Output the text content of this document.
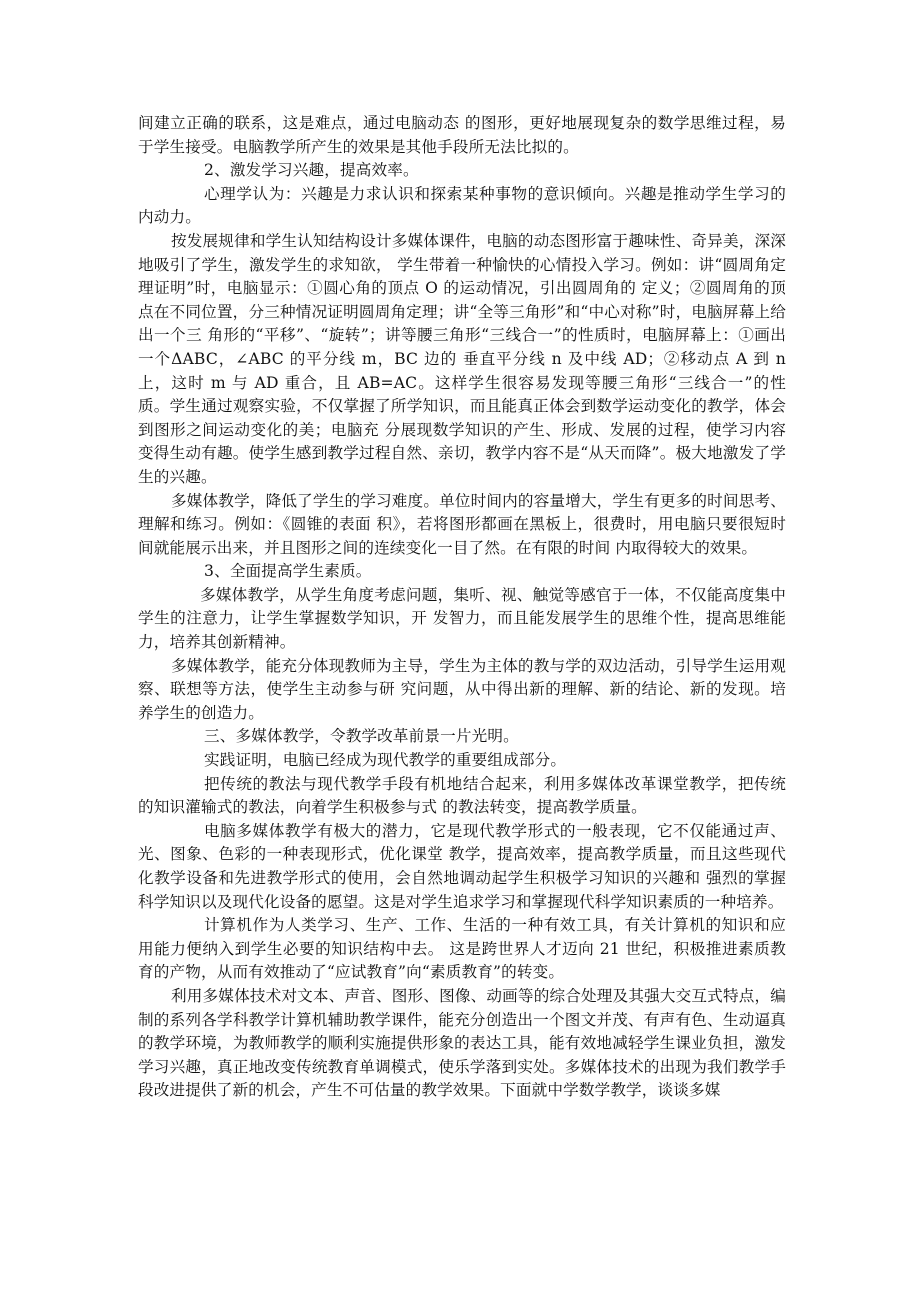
间建立正确的联系，这是难点，通过电脑动态 的图形，更好地展现复杂的数学思维过程，易于学生接受。电脑教学所产生的效果是其他手段所无法比拟的。

2、激发学习兴趣，提高效率。

心理学认为：兴趣是力求认识和探索某种事物的意识倾向。兴趣是推动学生学习的内动力。

按发展规律和学生认知结构设计多媒体课件，电脑的动态图形富于趣味性、奇异美，深深地吸引了学生，激发学生的求知欲， 学生带着一种愉快的心情投入学习。例如：讲“圆周角定理证明”时，电脑显示：①圆心角的顶点 O 的运动情况，引出圆周角的 定义；②圆周角的顶点在不同位置，分三种情况证明圆周角定理；讲“全等三角形”和“中心对称”时，电脑屏幕上给出一个三 角形的“平移”、“旋转”；讲等腰三角形“三线合一”的性质时，电脑屏幕上：①画出一个ΔABC，∠ABC 的平分线 m，BC 边的 垂直平分线 n 及中线 AD；②移动点 A 到 n 上，这时 m 与 AD 重合，且 AB=AC。这样学生很容易发现等腰三角形“三线合一”的性 质。学生通过观察实验，不仅掌握了所学知识，而且能真正体会到数学运动变化的教学，体会到图形之间运动变化的美；电脑充 分展现数学知识的产生、形成、发展的过程，使学习内容变得生动有趣。使学生感到教学过程自然、亲切，教学内容不是“从天而降”。极大地激发了学生的兴趣。

多媒体教学，降低了学生的学习难度。单位时间内的容量增大，学生有更多的时间思考、理解和练习。例如：《圆锥的表面 积》，若将图形都画在黑板上，很费时，用电脑只要很短时间就能展示出来，并且图形之间的连续变化一目了然。在有限的时间 内取得较大的效果。

3、全面提高学生素质。

多媒体教学，从学生角度考虑问题，集听、视、触觉等感官于一体，不仅能高度集中学生的注意力，让学生掌握数学知识，开 发智力，而且能发展学生的思维个性，提高思维能力，培养其创新精神。

多媒体教学，能充分体现教师为主导，学生为主体的教与学的双边活动，引导学生运用观察、联想等方法，使学生主动参与研 究问题，从中得出新的理解、新的结论、新的发现。培养学生的创造力。

三、多媒体教学，令教学改革前景一片光明。

实践证明，电脑已经成为现代教学的重要组成部分。

把传统的教法与现代教学手段有机地结合起来，利用多媒体改革课堂教学，把传统的知识灌输式的教法，向着学生积极参与式 的教法转变，提高教学质量。

电脑多媒体教学有极大的潜力，它是现代教学形式的一般表现，它不仅能通过声、光、图象、色彩的一种表现形式，优化课堂 教学，提高效率，提高教学质量，而且这些现代化教学设备和先进教学形式的使用，会自然地调动起学生积极学习知识的兴趣和 强烈的掌握科学知识以及现代化设备的愿望。这是对学生追求学习和掌握现代科学知识素质的一种培养。

计算机作为人类学习、生产、工作、生活的一种有效工具，有关计算机的知识和应用能力便纳入到学生必要的知识结构中去。 这是跨世界人才迈向 21 世纪，积极推进素质教育的产物，从而有效推动了“应试教育”向“素质教育”的转变。

利用多媒体技术对文本、声音、图形、图像、动画等的综合处理及其强大交互式特点，编制的系列各学科教学计算机辅助教学课件，能充分创造出一个图文并茂、有声有色、生动逼真的教学环境，为教师教学的顺利实施提供形象的表达工具，能有效地减轻学生课业负担，激发学习兴趣，真正地改变传统教育单调模式，使乐学落到实处。多媒体技术的出现为我们教学手段改进提供了新的机会，产生不可估量的教学效果。下面就中学数学教学，谈谈多媒
